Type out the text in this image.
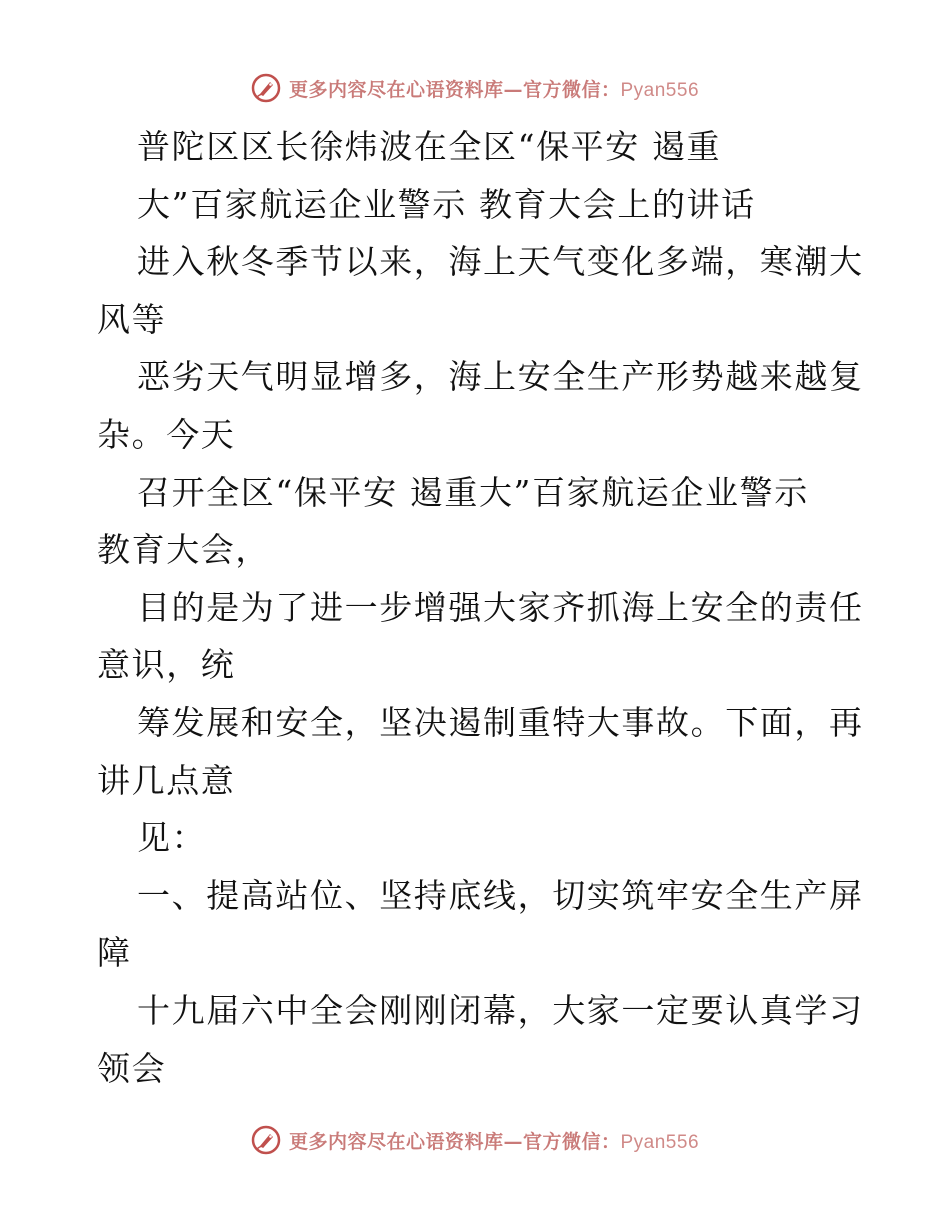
更多内容尽在心语资料库—官方微信：Pyan556
普陀区区长徐炜波在全区“保平安 遏重
大”百家航运企业警示 教育大会上的讲话
进入秋冬季节以来，海上天气变化多端，寒潮大
风等
恶劣天气明显增多，海上安全生产形势越来越复
杂。今天
召开全区“保平安 遏重大”百家航运企业警示
教育大会，
目的是为了进一步增强大家齐抓海上安全的责任
意识，统
筹发展和安全，坚决遏制重特大事故。下面，再
讲几点意
见：
一、提高站位、坚持底线，切实筑牢安全生产屏
障
十九届六中全会刚刚闭幕，大家一定要认真学习
领会
更多内容尽在心语资料库—官方微信：Pyan556
